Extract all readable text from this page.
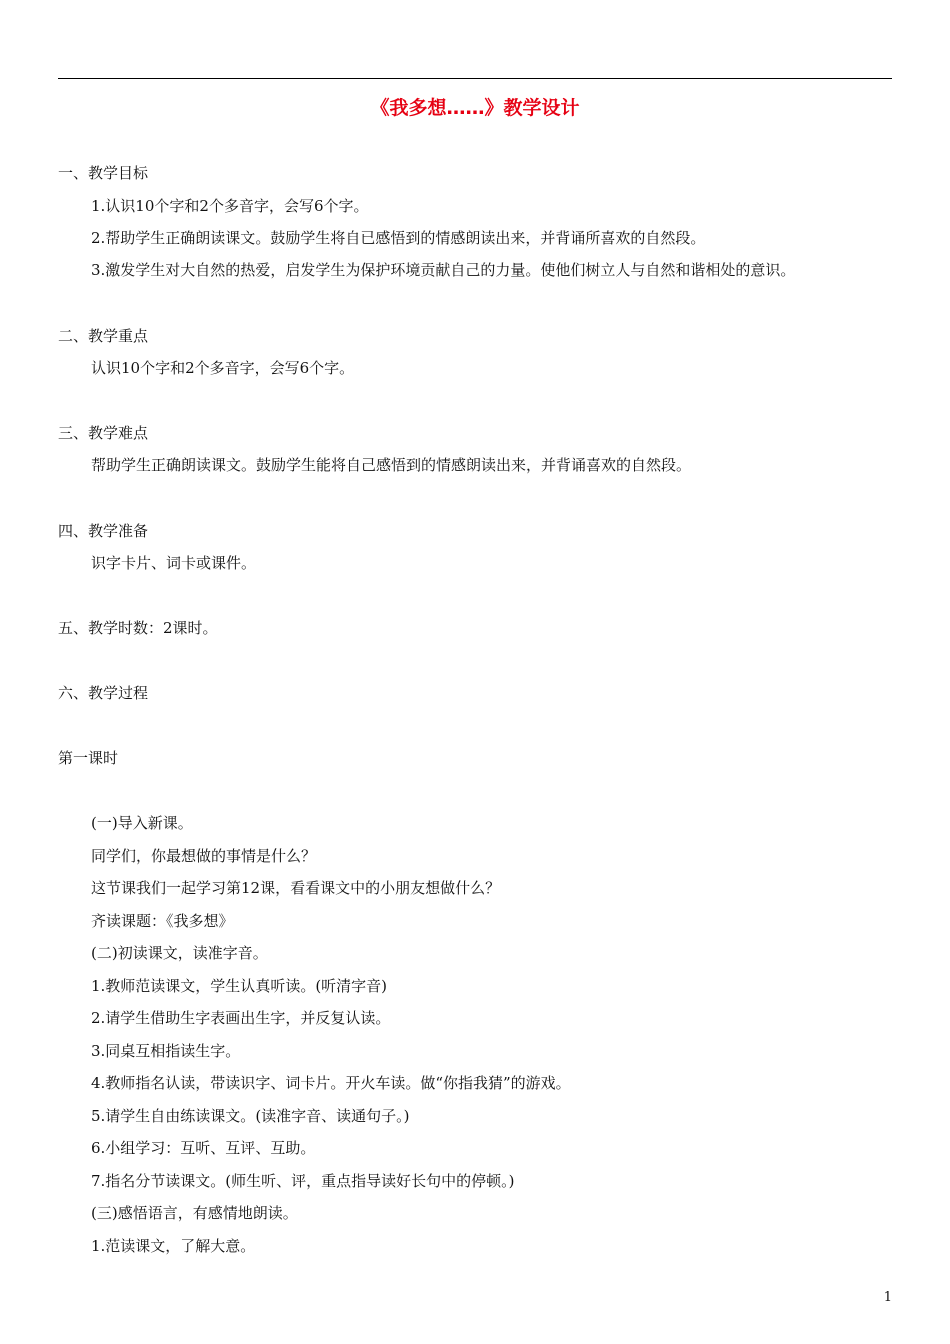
《我多想……》教学设计
一、教学目标
1.认识10个字和2个多音字，会写6个字。
2.帮助学生正确朗读课文。鼓励学生将自已感悟到的情感朗读出来，并背诵所喜欢的自然段。
3.激发学生对大自然的热爱，启发学生为保护环境贡献自己的力量。使他们树立人与自然和谐相处的意识。
二、教学重点
认识10个字和2个多音字，会写6个字。
三、教学难点
帮助学生正确朗读课文。鼓励学生能将自己感悟到的情感朗读出来，并背诵喜欢的自然段。
四、教学准备
识字卡片、词卡或课件。
五、教学时数：2课时。
六、教学过程
第一课时
(一)导入新课。
同学们，你最想做的事情是什么？
这节课我们一起学习第12课，看看课文中的小朋友想做什么？
齐读课题：《我多想》
(二)初读课文，读准字音。
1.教师范读课文，学生认真听读。(听清字音)
2.请学生借助生字表画出生字，并反复认读。
3.同桌互相指读生字。
4.教师指名认读，带读识字、词卡片。开火车读。做“你指我猜”的游戏。
5.请学生自由练读课文。(读准字音、读通句子。)
6.小组学习：互听、互评、互助。
7.指名分节读课文。(师生听、评，重点指导读好长句中的停顿。)
(三)感悟语言，有感情地朗读。
1.范读课文，了解大意。
1
